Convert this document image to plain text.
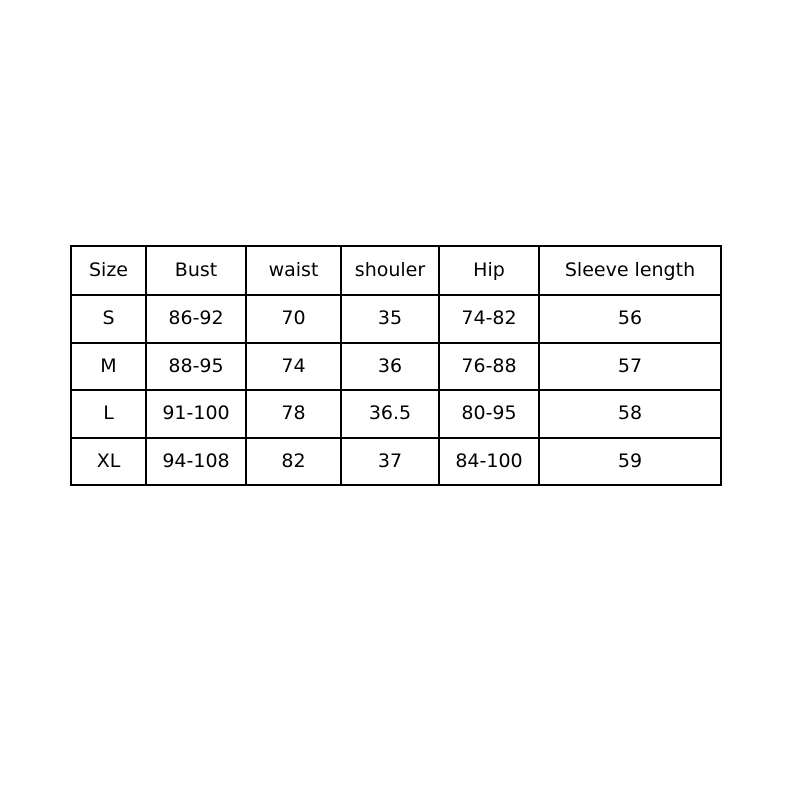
Size	Bust	waist	shouler	Hip	Sleeve length
S	86-92	70	35	74-82	56
M	88-95	74	36	76-88	57
L	91-100	78	36.5	80-95	58
XL	94-108	82	37	84-100	59
